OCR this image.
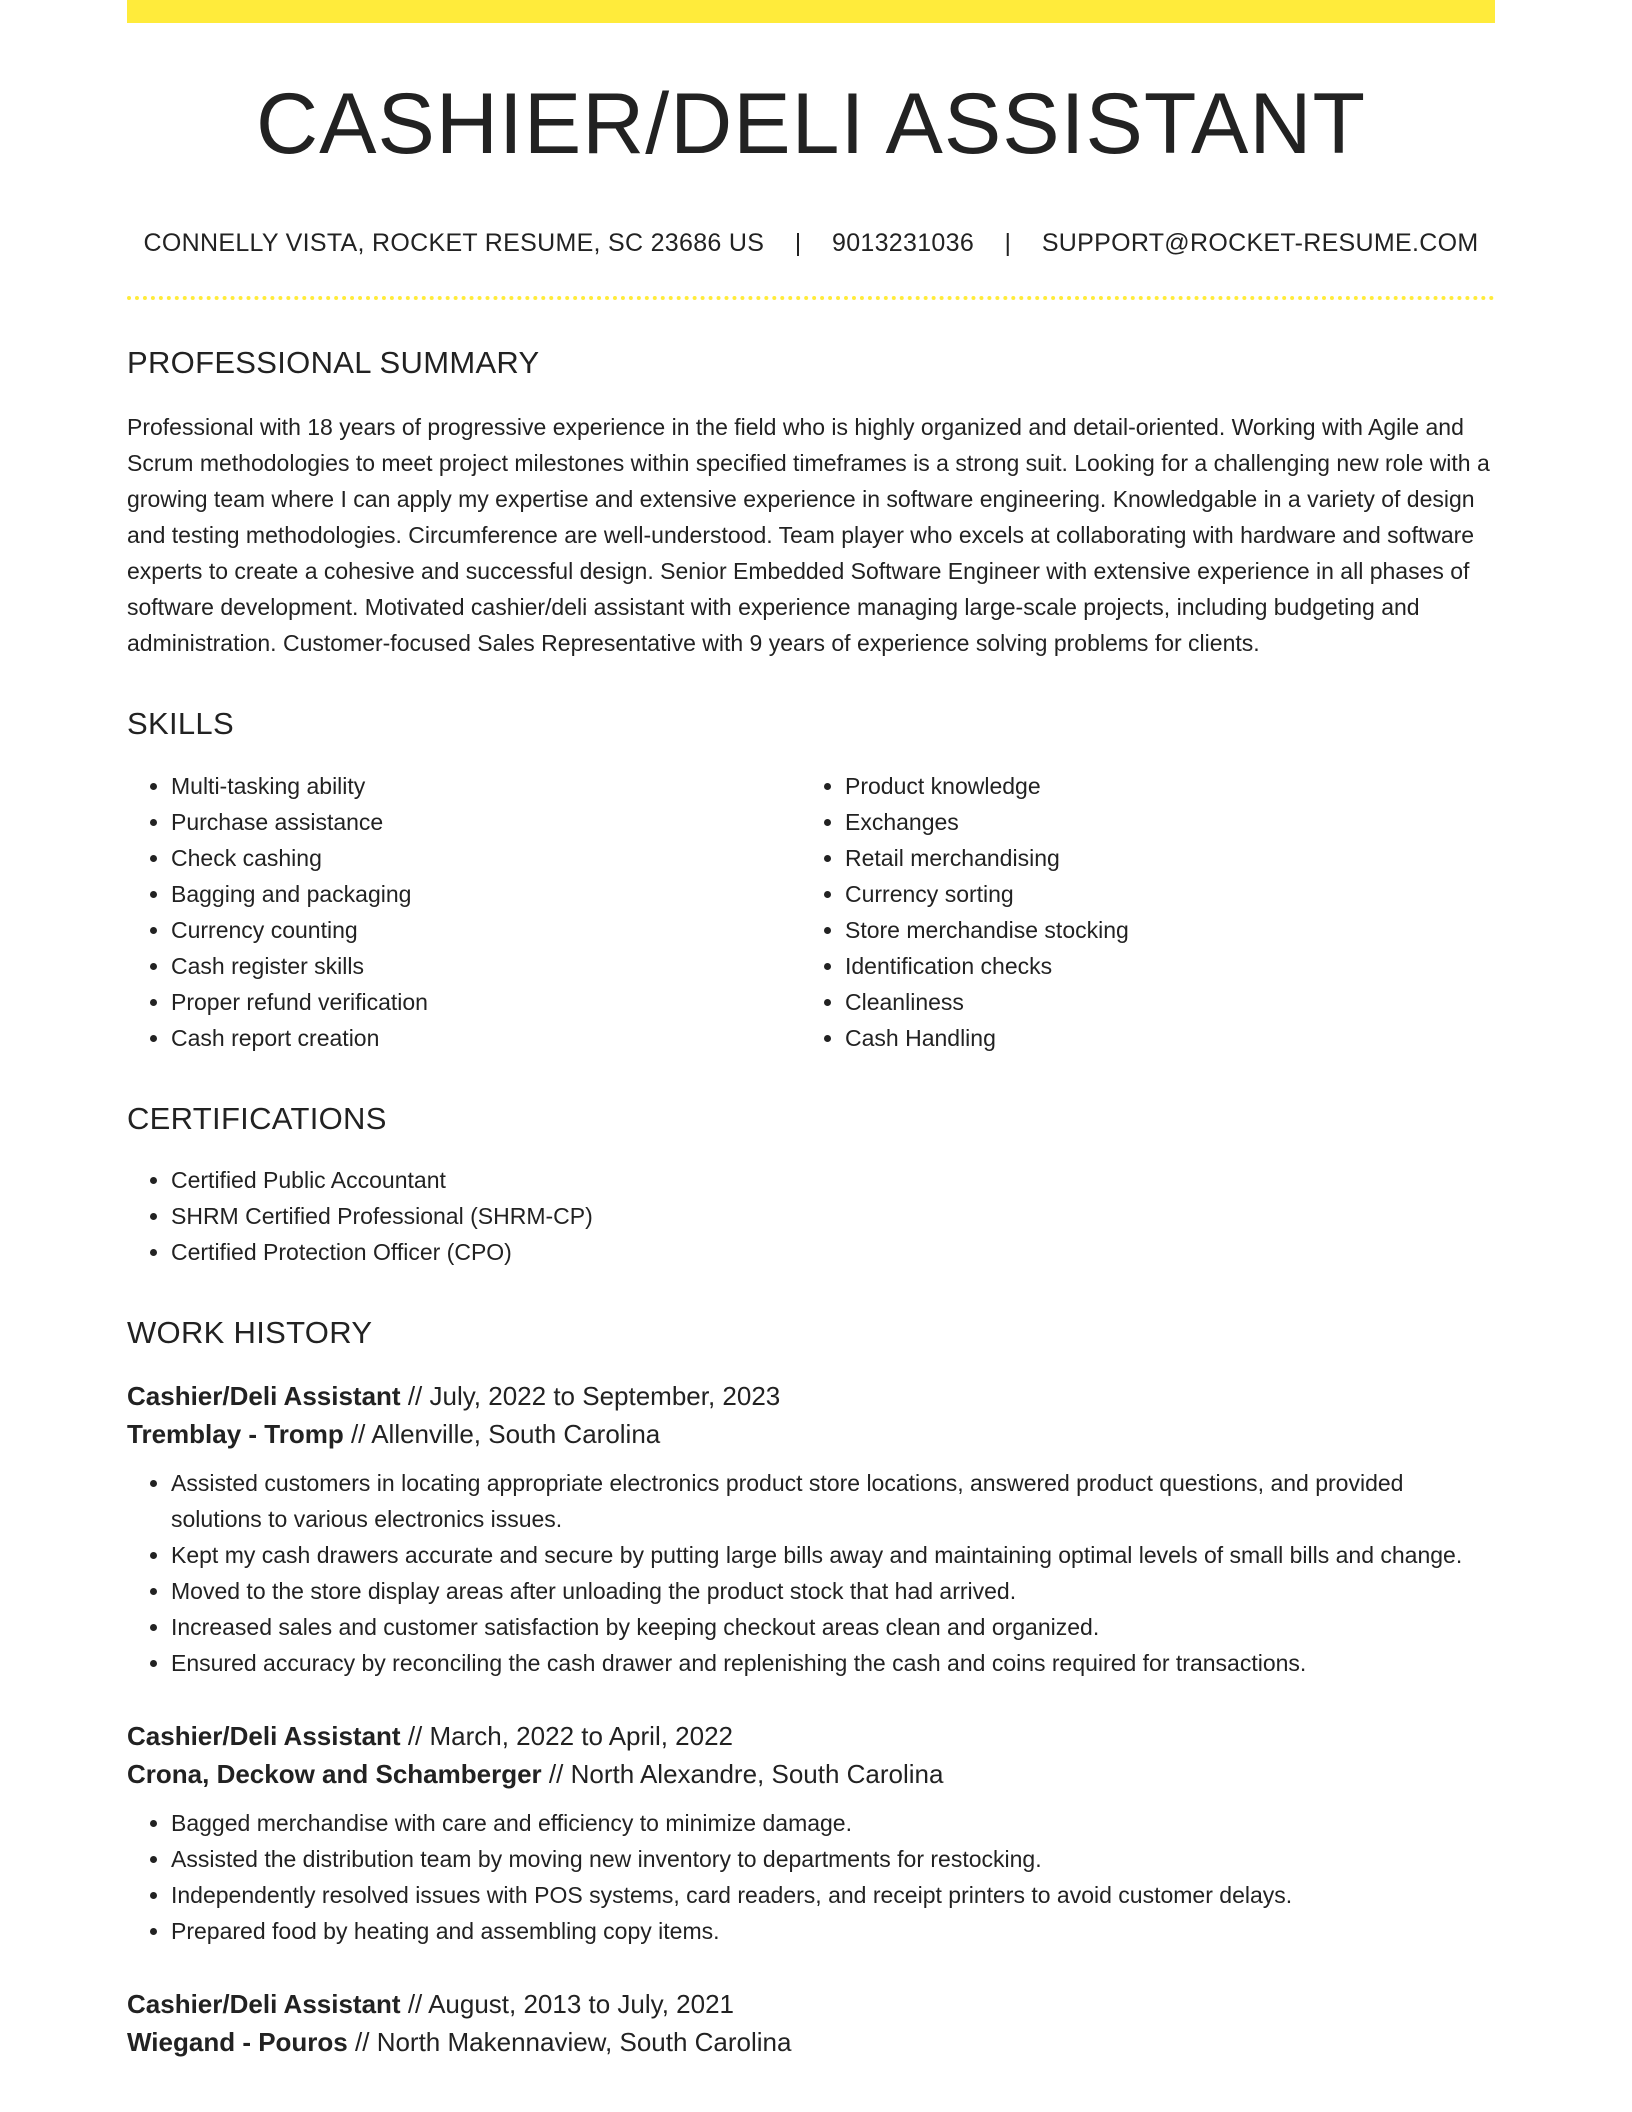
CASHIER/DELI ASSISTANT
CONNELLY VISTA, ROCKET RESUME, SC 23686 US  |  9013231036  |  SUPPORT@ROCKET-RESUME.COM
PROFESSIONAL SUMMARY

Professional with 18 years of progressive experience in the field who is highly organized and detail-oriented. Working with Agile and Scrum methodologies to meet project milestones within specified timeframes is a strong suit. Looking for a challenging new role with a growing team where I can apply my expertise and extensive experience in software engineering. Knowledgable in a variety of design and testing methodologies. Circumference are well-understood. Team player who excels at collaborating with hardware and software experts to create a cohesive and successful design. Senior Embedded Software Engineer with extensive experience in all phases of software development. Motivated cashier/deli assistant with experience managing large-scale projects, including budgeting and administration. Customer-focused Sales Representative with 9 years of experience solving problems for clients.

SKILLS
• Multi-tasking ability
• Purchase assistance
• Check cashing
• Bagging and packaging
• Currency counting
• Cash register skills
• Proper refund verification
• Cash report creation
• Product knowledge
• Exchanges
• Retail merchandising
• Currency sorting
• Store merchandise stocking
• Identification checks
• Cleanliness
• Cash Handling
CERTIFICATIONS
• Certified Public Accountant
• SHRM Certified Professional (SHRM-CP)
• Certified Protection Officer (CPO)
WORK HISTORY
Cashier/Deli Assistant // July, 2022 to September, 2023
Tremblay - Tromp // Allenville, South Carolina
• Assisted customers in locating appropriate electronics product store locations, answered product questions, and provided solutions to various electronics issues.
• Kept my cash drawers accurate and secure by putting large bills away and maintaining optimal levels of small bills and change.
• Moved to the store display areas after unloading the product stock that had arrived.
• Increased sales and customer satisfaction by keeping checkout areas clean and organized.
• Ensured accuracy by reconciling the cash drawer and replenishing the cash and coins required for transactions.
Cashier/Deli Assistant // March, 2022 to April, 2022
Crona, Deckow and Schamberger // North Alexandre, South Carolina
• Bagged merchandise with care and efficiency to minimize damage.
• Assisted the distribution team by moving new inventory to departments for restocking.
• Independently resolved issues with POS systems, card readers, and receipt printers to avoid customer delays.
• Prepared food by heating and assembling copy items.
Cashier/Deli Assistant // August, 2013 to July, 2021
Wiegand - Pouros // North Makennaview, South Carolina
